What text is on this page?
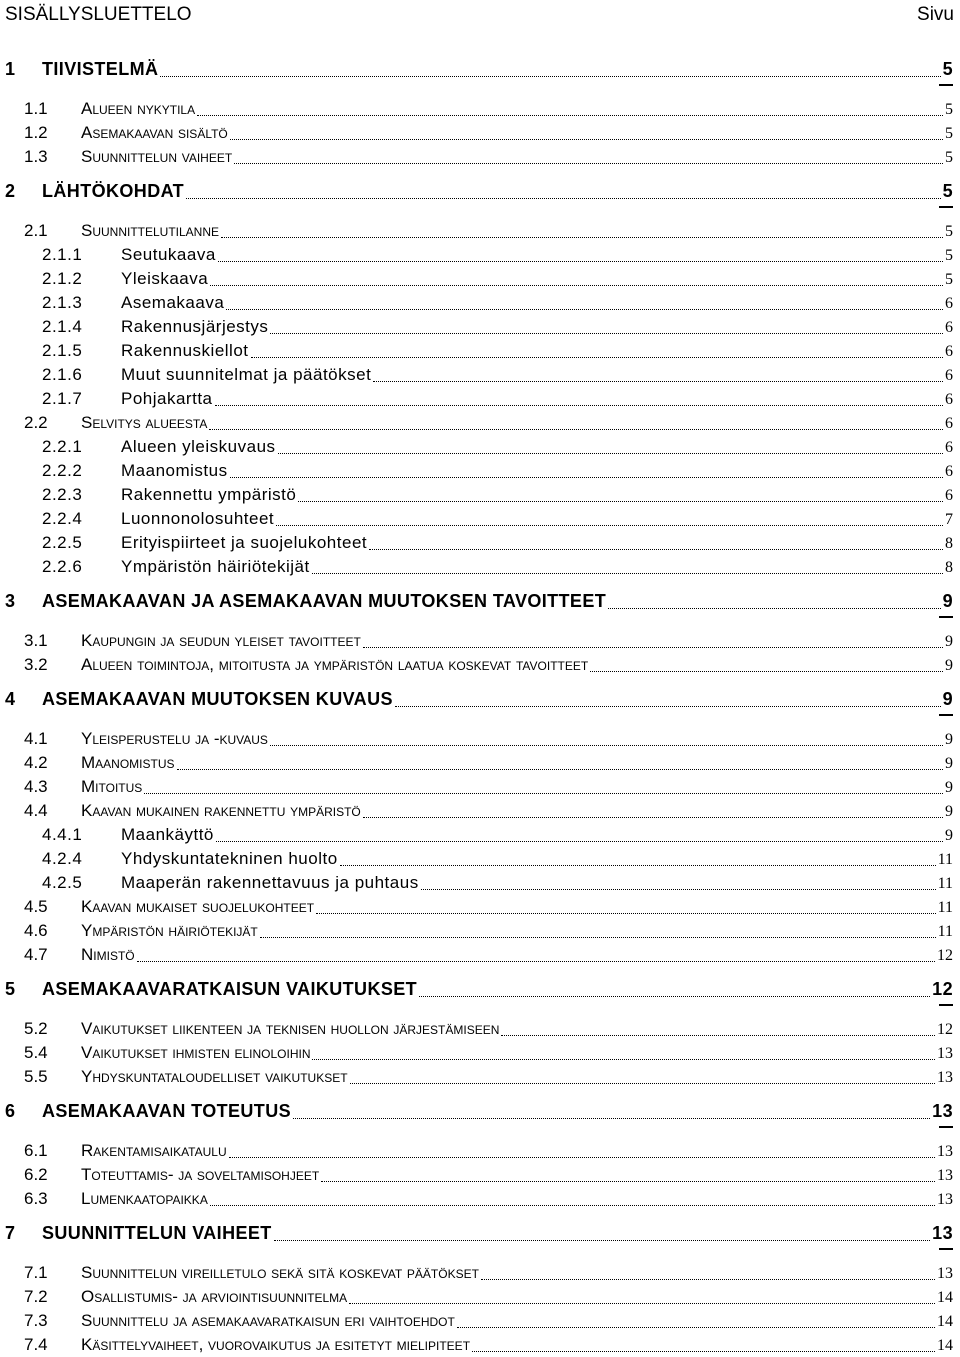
SISÄLLYSLUETTELO	Sivu
1 TIIVISTELMÄ	5
1.1 Alueen nykytila	5
1.2 Asemakaavan sisältö	5
1.3 Suunnittelun vaiheet	5
2 LÄHTÖKOHDAT	5
2.1 Suunnittelutilanne	5
2.1.1 Seutukaava	5
2.1.2 Yleiskaava	5
2.1.3 Asemakaava	6
2.1.4 Rakennusjärjestys	6
2.1.5 Rakennuskiellot	6
2.1.6 Muut suunnitelmat ja päätökset	6
2.1.7 Pohjakartta	6
2.2 Selvitys alueesta	6
2.2.1 Alueen yleiskuvaus	6
2.2.2 Maanomistus	6
2.2.3 Rakennettu ympäristö	6
2.2.4 Luonnonolosuhteet	7
2.2.5 Erityispiirteet ja suojelukohteet	8
2.2.6 Ympäristön häiriötekijät	8
3 ASEMAKAAVAN JA ASEMAKAAVAN MUUTOKSEN TAVOITTEET	9
3.1 Kaupungin ja seudun yleiset tavoitteet	9
3.2 Alueen toimintoja, mitoitusta ja ympäristön laatua koskevat tavoitteet	9
4 ASEMAKAAVAN MUUTOKSEN KUVAUS	9
4.1 Yleisperustelu ja -kuvaus	9
4.2 Maanomistus	9
4.3 Mitoitus	9
4.4 Kaavan mukainen rakennettu ympäristö	9
4.4.1 Maankäyttö	9
4.2.4 Yhdyskuntatekninen huolto	11
4.2.5 Maaperän rakennettavuus ja puhtaus	11
4.5 Kaavan mukaiset suojelukohteet	11
4.6 Ympäristön häiriötekijät	11
4.7 Nimistö	12
5 ASEMAKAAVARATKAISUN VAIKUTUKSET	12
5.2 Vaikutukset liikenteen ja teknisen huollon järjestämiseen	12
5.4 Vaikutukset ihmisten elinoloihin	13
5.5 Yhdyskuntataloudelliset vaikutukset	13
6 ASEMAKAAVAN TOTEUTUS	13
6.1 Rakentamisaikataulu	13
6.2 Toteuttamis- ja soveltamisohjeet	13
6.3 Lumenkaatopaikka	13
7 SUUNNITTELUN VAIHEET	13
7.1 Suunnittelun vireilletulo sekä sitä koskevat päätökset	13
7.2 Osallistumis- ja arviointisuunnitelma	14
7.3 Suunnittelu ja asemakaavaratkaisun eri vaihtoehdot	14
7.4 Käsittelyvaiheet, vuorovaikutus ja esitetyt mielipiteet	14
